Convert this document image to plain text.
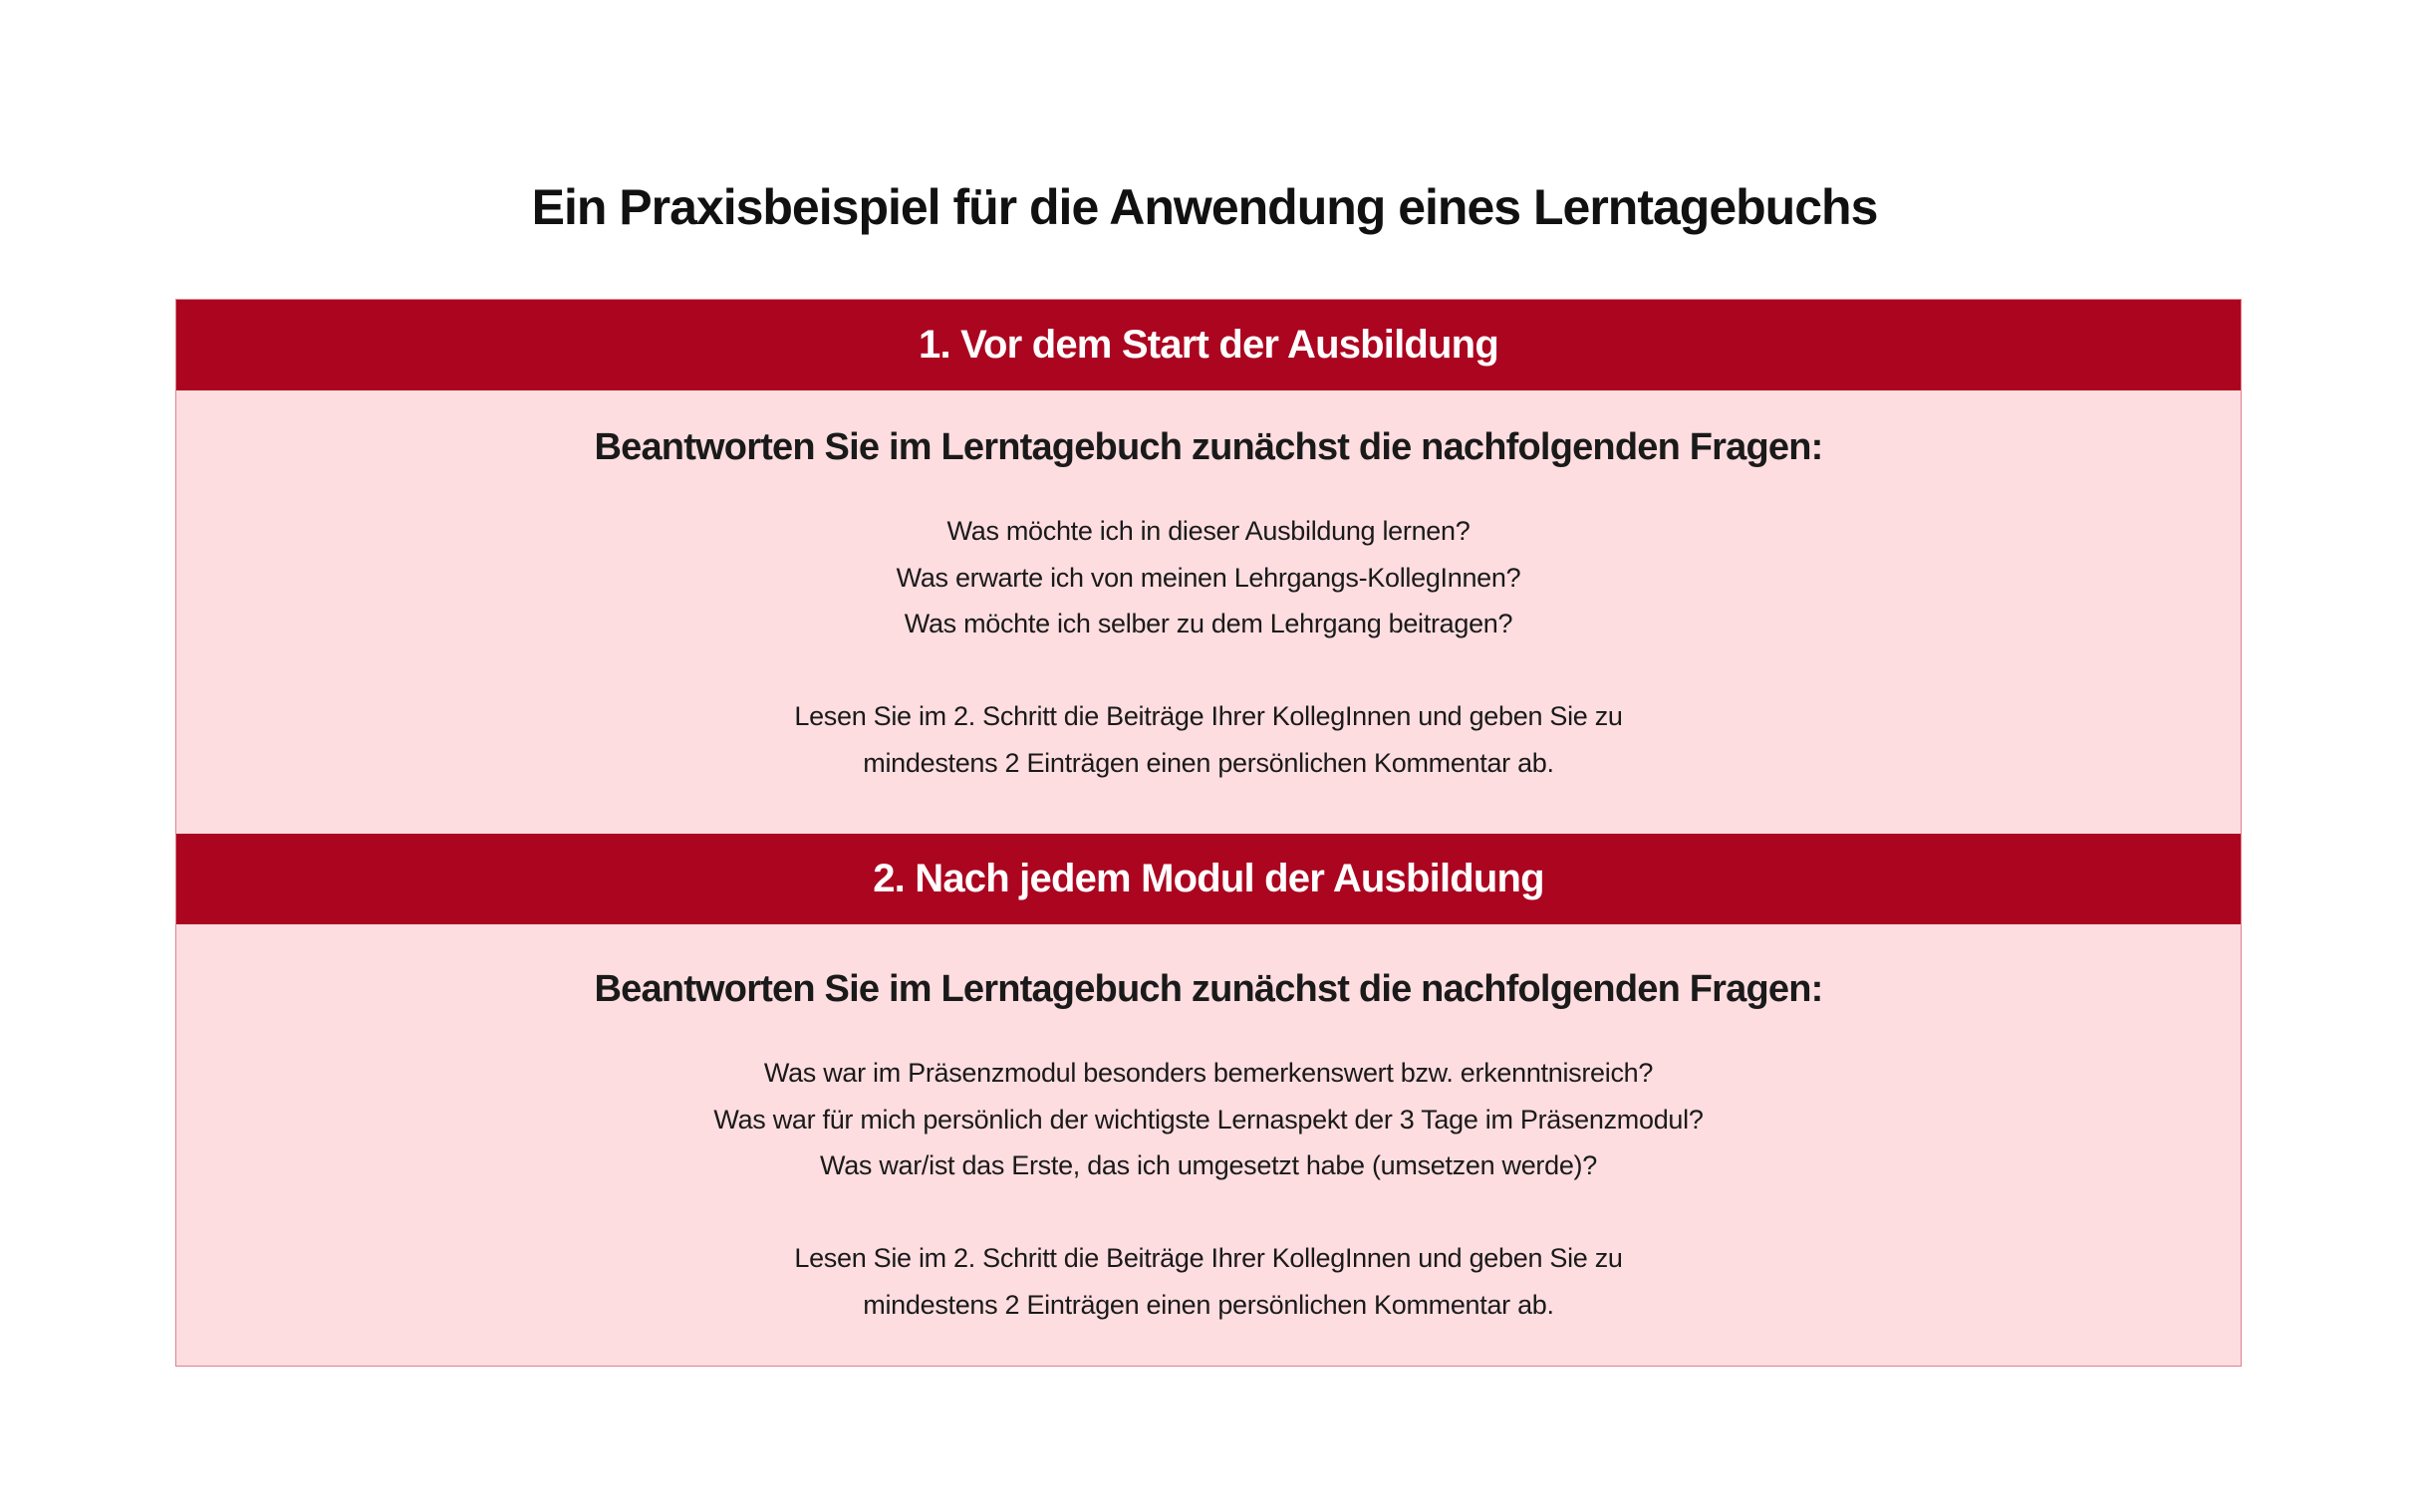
Ein Praxisbeispiel für die Anwendung eines Lerntagebuchs
1. Vor dem Start der Ausbildung
Beantworten Sie im Lerntagebuch zunächst die nachfolgenden Fragen:
Was möchte ich in dieser Ausbildung lernen?
Was erwarte ich von meinen Lehrgangs-KollegInnen?
Was möchte ich selber zu dem Lehrgang beitragen?
Lesen Sie im 2. Schritt die Beiträge Ihrer KollegInnen und geben Sie zu
mindestens 2 Einträgen einen persönlichen Kommentar ab.
2. Nach jedem Modul der Ausbildung
Beantworten Sie im Lerntagebuch zunächst die nachfolgenden Fragen:
Was war im Präsenzmodul besonders bemerkenswert bzw. erkenntnisreich?
Was war für mich persönlich der wichtigste Lernaspekt der 3 Tage im Präsenzmodul?
Was war/ist das Erste, das ich umgesetzt habe (umsetzen werde)?
Lesen Sie im 2. Schritt die Beiträge Ihrer KollegInnen und geben Sie zu
mindestens 2 Einträgen einen persönlichen Kommentar ab.
